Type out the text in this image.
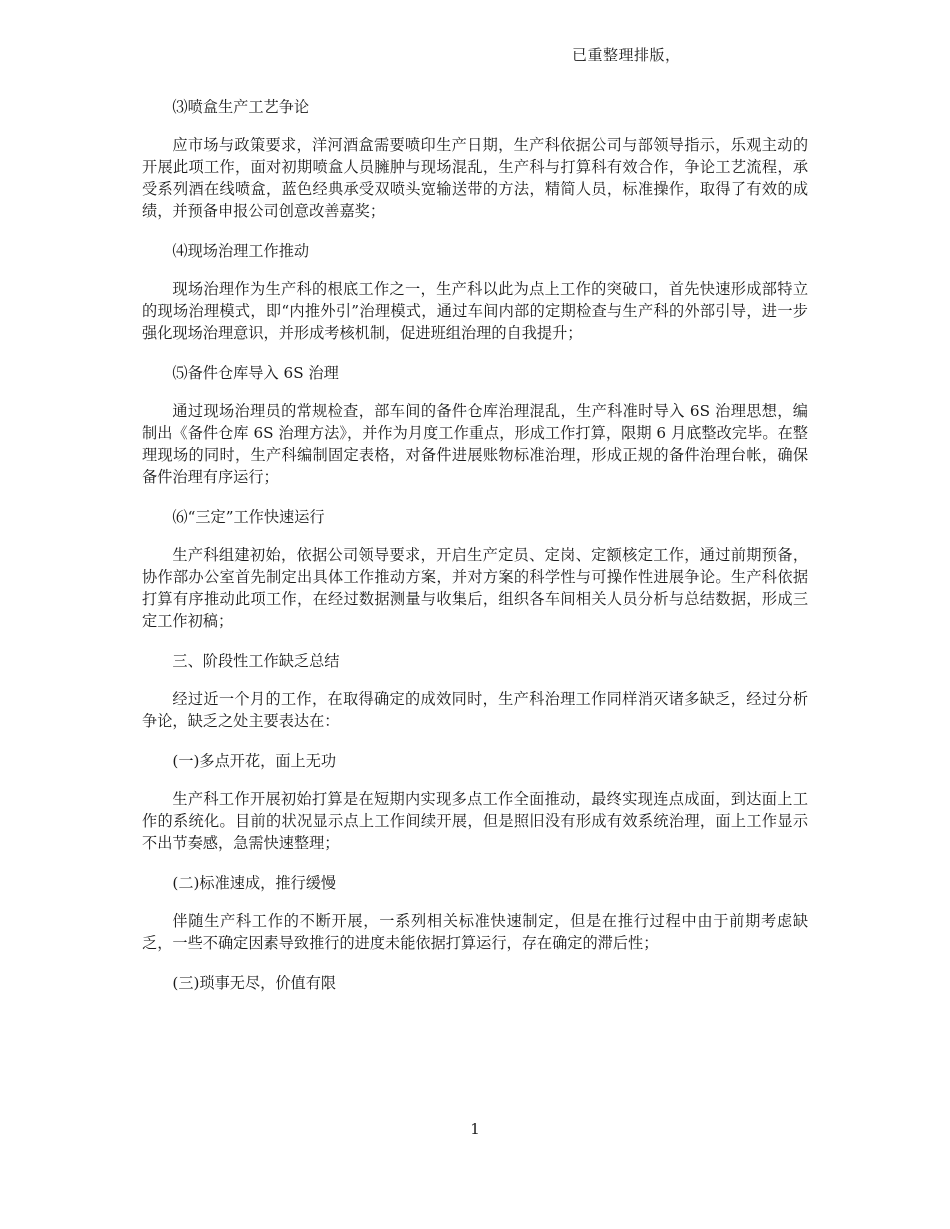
已重整理排版，

⑶喷盒生产工艺争论

应市场与政策要求，洋河酒盒需要喷印生产日期，生产科依据公司与部领导指示，乐观主动的开展此项工作，面对初期喷盒人员臃肿与现场混乱，生产科与打算科有效合作，争论工艺流程，承受系列酒在线喷盒，蓝色经典承受双喷头宽输送带的方法，精简人员，标准操作，取得了有效的成绩，并预备申报公司创意改善嘉奖；

⑷现场治理工作推动

现场治理作为生产科的根底工作之一，生产科以此为点上工作的突破口，首先快速形成部特立的现场治理模式，即“内推外引”治理模式，通过车间内部的定期检查与生产科的外部引导，进一步强化现场治理意识，并形成考核机制，促进班组治理的自我提升；

⑸备件仓库导入 6S 治理

通过现场治理员的常规检查，部车间的备件仓库治理混乱，生产科准时导入 6S 治理思想，编制出《备件仓库 6S 治理方法》，并作为月度工作重点，形成工作打算，限期 6 月底整改完毕。在整理现场的同时，生产科编制固定表格，对备件进展账物标准治理，形成正规的备件治理台帐，确保备件治理有序运行；

⑹“三定”工作快速运行

生产科组建初始，依据公司领导要求，开启生产定员、定岗、定额核定工作，通过前期预备，协作部办公室首先制定出具体工作推动方案，并对方案的科学性与可操作性进展争论。生产科依据打算有序推动此项工作，在经过数据测量与收集后，组织各车间相关人员分析与总结数据，形成三定工作初稿；

三、阶段性工作缺乏总结

经过近一个月的工作，在取得确定的成效同时，生产科治理工作同样消灭诸多缺乏，经过分析争论，缺乏之处主要表达在：

(一)多点开花，面上无功

生产科工作开展初始打算是在短期内实现多点工作全面推动，最终实现连点成面，到达面上工作的系统化。目前的状况显示点上工作间续开展，但是照旧没有形成有效系统治理，面上工作显示不出节奏感，急需快速整理；

(二)标准速成，推行缓慢

伴随生产科工作的不断开展，一系列相关标准快速制定，但是在推行过程中由于前期考虑缺乏，一些不确定因素导致推行的进度未能依据打算运行，存在确定的滞后性；

(三)琐事无尽，价值有限

1
